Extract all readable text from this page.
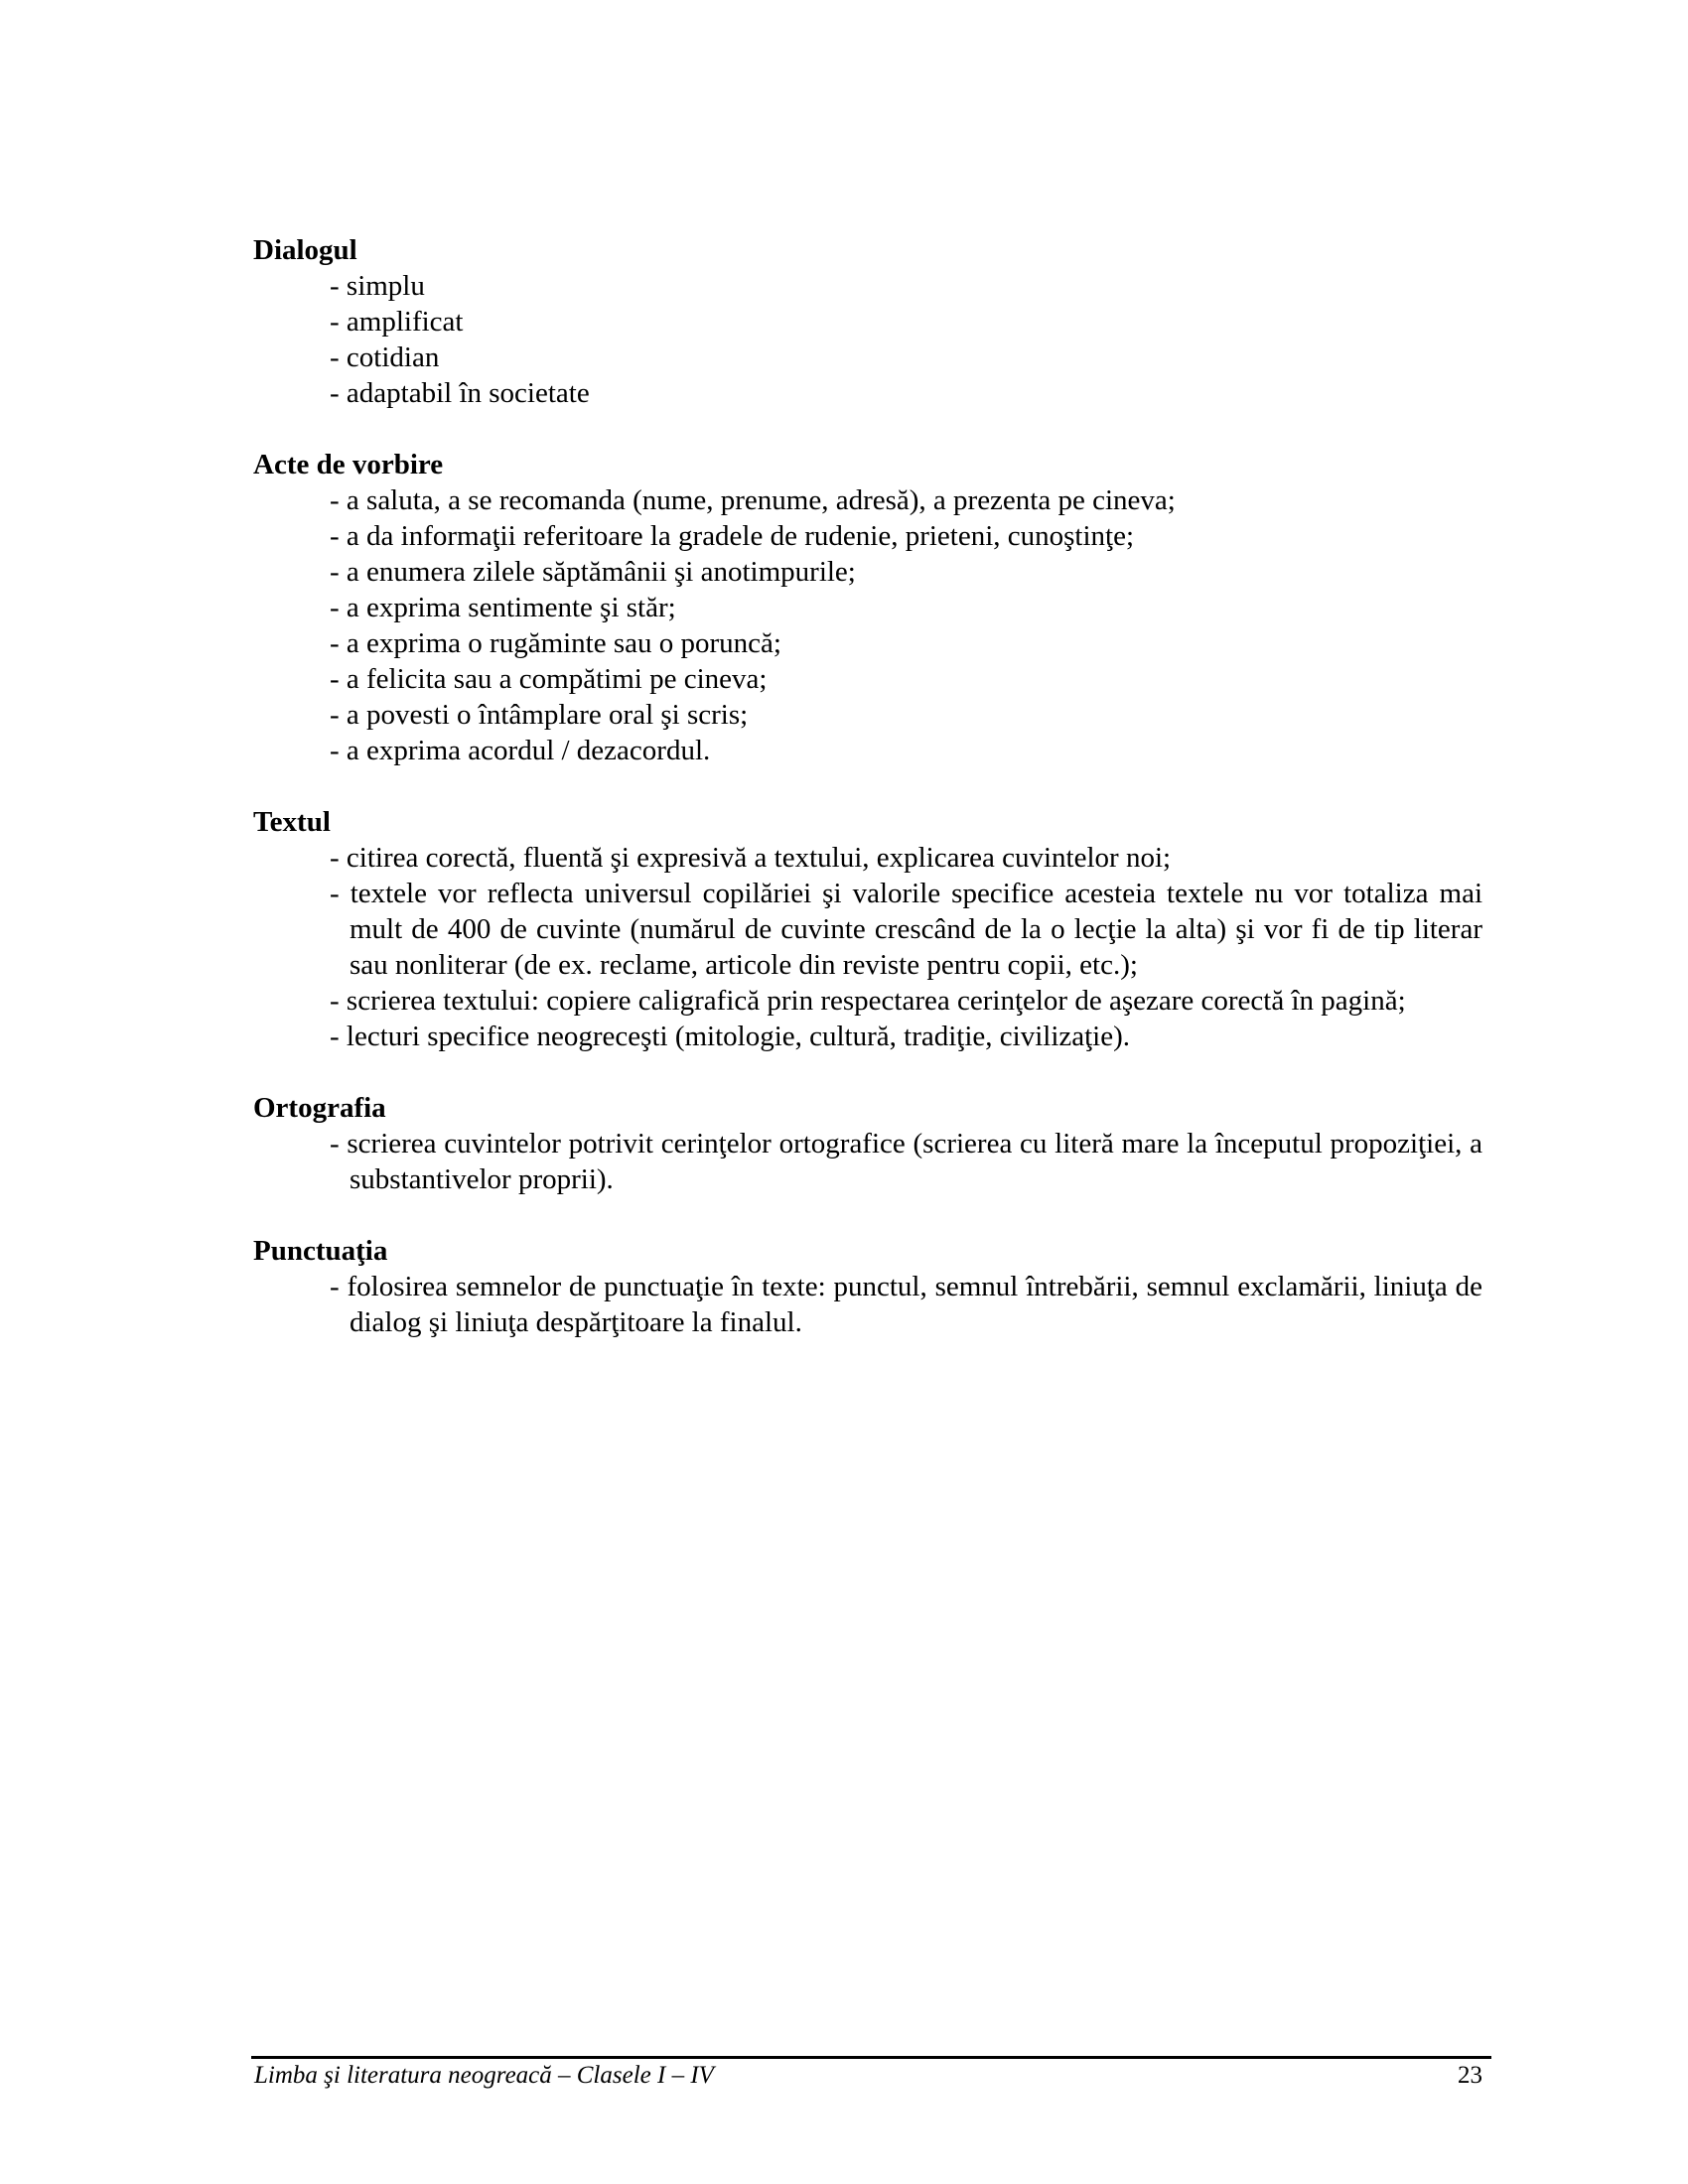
Dialogul

- simplu
- amplificat
- cotidian
- adaptabil în societate

Acte de vorbire

- a saluta, a se recomanda (nume, prenume, adresă), a prezenta pe cineva;
- a da informaţii referitoare la gradele de rudenie, prieteni, cunoştinţe;
- a enumera zilele săptămânii şi anotimpurile;
- a exprima sentimente şi stăr;
- a exprima o rugăminte sau o poruncă;
- a felicita sau a compătimi pe cineva;
- a povesti o întâmplare oral şi scris;
- a exprima acordul / dezacordul.

Textul

- citirea corectă, fluentă şi expresivă a textului, explicarea cuvintelor noi;
- textele vor reflecta universul copilăriei şi valorile specifice acesteia textele nu vor totaliza mai mult de 400 de cuvinte (numărul de cuvinte crescând de la o lecţie la alta) şi vor fi de tip literar sau nonliterar (de ex. reclame, articole din reviste pentru copii, etc.);
- scrierea textului: copiere caligrafică prin respectarea cerinţelor de aşezare corectă în pagină;
- lecturi specifice neogreceşti (mitologie, cultură, tradiţie, civilizaţie).

Ortografia

- scrierea cuvintelor potrivit cerinţelor ortografice (scrierea cu literă mare la începutul propoziţiei, a substantivelor proprii).

Punctuaţia

- folosirea semnelor de punctuaţie în texte: punctul, semnul întrebării, semnul exclamării, liniuţa de dialog şi liniuţa despărţitoare la finalul.
Limba şi literatura neogreacă – Clasele I – IV	23
